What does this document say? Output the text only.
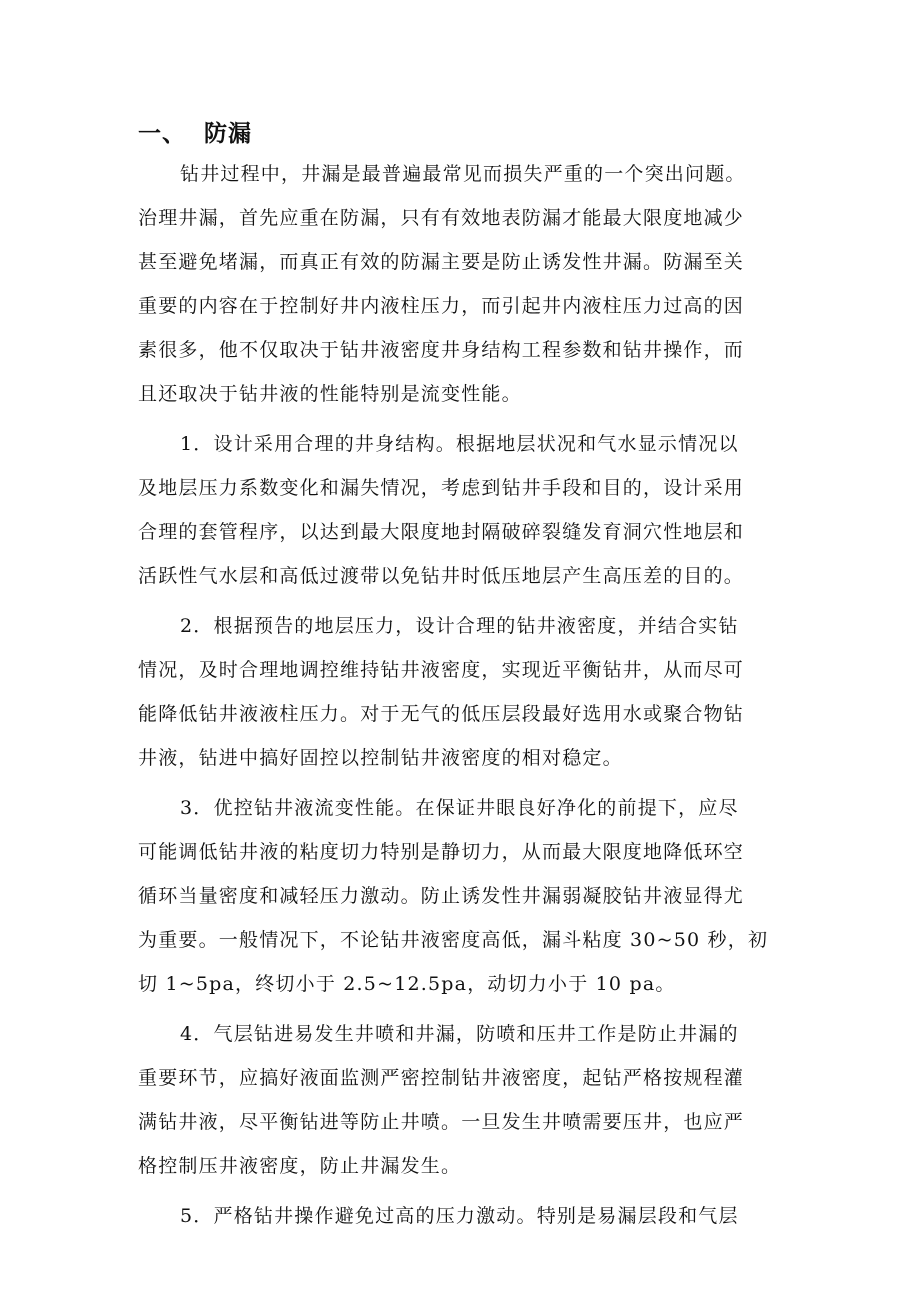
一、 防漏
钻井过程中，井漏是最普遍最常见而损失严重的一个突出问题。
治理井漏，首先应重在防漏，只有有效地表防漏才能最大限度地减少
甚至避免堵漏，而真正有效的防漏主要是防止诱发性井漏。防漏至关
重要的内容在于控制好井内液柱压力，而引起井内液柱压力过高的因
素很多，他不仅取决于钻井液密度井身结构工程参数和钻井操作，而
且还取决于钻井液的性能特别是流变性能。
1．设计采用合理的井身结构。根据地层状况和气水显示情况以
及地层压力系数变化和漏失情况，考虑到钻井手段和目的，设计采用
合理的套管程序，以达到最大限度地封隔破碎裂缝发育洞穴性地层和
活跃性气水层和高低过渡带以免钻井时低压地层产生高压差的目的。
2．根据预告的地层压力，设计合理的钻井液密度，并结合实钻
情况，及时合理地调控维持钻井液密度，实现近平衡钻井，从而尽可
能降低钻井液液柱压力。对于无气的低压层段最好选用水或聚合物钻
井液，钻进中搞好固控以控制钻井液密度的相对稳定。
3．优控钻井液流变性能。在保证井眼良好净化的前提下，应尽
可能调低钻井液的粘度切力特别是静切力，从而最大限度地降低环空
循环当量密度和减轻压力激动。防止诱发性井漏弱凝胶钻井液显得尤
为重要。一般情况下，不论钻井液密度高低，漏斗粘度 30~50 秒，初
切 1~5pa，终切小于 2.5~12.5pa，动切力小于 10 pa。
4．气层钻进易发生井喷和井漏，防喷和压井工作是防止井漏的
重要环节，应搞好液面监测严密控制钻井液密度，起钻严格按规程灌
满钻井液，尽平衡钻进等防止井喷。一旦发生井喷需要压井，也应严
格控制压井液密度，防止井漏发生。
5．严格钻井操作避免过高的压力激动。特别是易漏层段和气层
